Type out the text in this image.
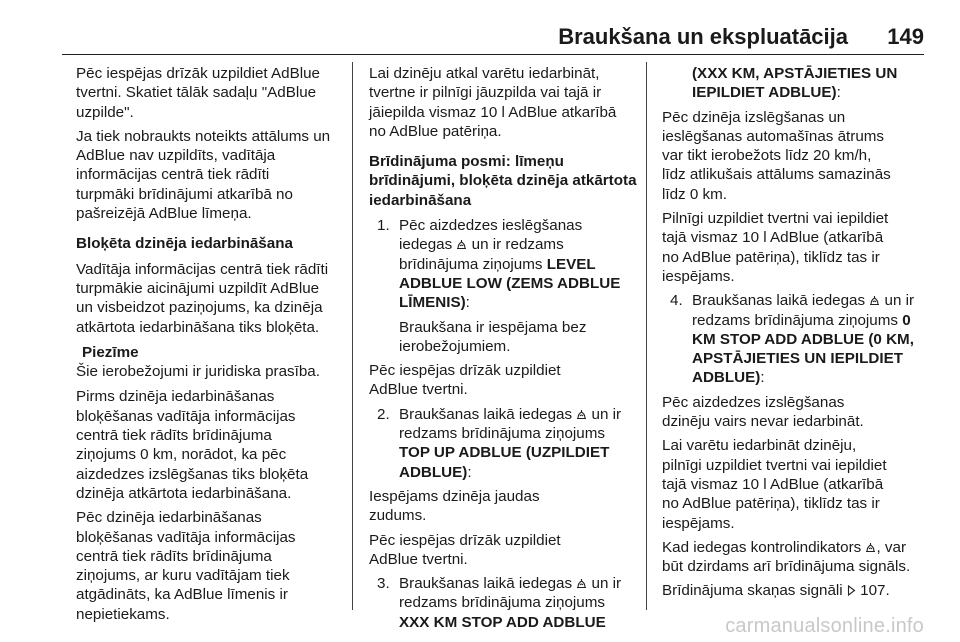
Braukšana un ekspluatācija 149

Pēc iespējas drīzāk uzpildiet AdBlue
tvertni. Skatiet tālāk sadaļu "AdBlue
uzpilde".

Ja tiek nobraukts noteikts attālums un
AdBlue nav uzpildīts, vadītāja
informācijas centrā tiek rādīti
turpmāki brīdinājumi atkarībā no
pašreizējā AdBlue līmeņa.

Bloķēta dzinēja iedarbināšana

Vadītāja informācijas centrā tiek rādīti
turpmākie aicinājumi uzpildīt AdBlue
un visbeidzot paziņojums, ka dzinēja
atkārtota iedarbināšana tiks bloķēta.

Piezīme
Šie ierobežojumi ir juridiska prasība.

Pirms dzinēja iedarbināšanas
bloķēšanas vadītāja informācijas
centrā tiek rādīts brīdinājuma
ziņojums 0 km, norādot, ka pēc
aizdedzes izslēgšanas tiks bloķēta
dzinēja atkārtota iedarbināšana.

Pēc dzinēja iedarbināšanas
bloķēšanas vadītāja informācijas
centrā tiek rādīts brīdinājuma
ziņojums, ar kuru vadītājam tiek
atgādināts, ka AdBlue līmenis ir
nepietiekams.

Lai dzinēju atkal varētu iedarbināt,
tvertne ir pilnīgi jāuzpilda vai tajā ir
jāiepilda vismaz 10 l AdBlue atkarībā
no AdBlue patēriņa.

Brīdinājuma posmi: līmeņu
brīdinājumi, bloķēta dzinēja atkārtota
iedarbināšana
1. Pēc aizdedzes ieslēgšanas
iedegas un ir redzams
brīdinājuma ziņojums LEVEL
ADBLUE LOW (ZEMS ADBLUE
LĪMENIS):

Braukšana ir iespējama bez
ierobežojumiem.

Pēc iespējas drīzāk uzpildiet
AdBlue tvertni.

2. Braukšanas laikā iedegas un ir
redzams brīdinājuma ziņojums
TOP UP ADBLUE (UZPILDIET
ADBLUE):

Iespējams dzinēja jaudas
zudums.

Pēc iespējas drīzāk uzpildiet
AdBlue tvertni.

3. Braukšanas laikā iedegas un ir
redzams brīdinājuma ziņojums
XXX KM STOP ADD ADBLUE

(XXX KM, APSTĀJIETIES UN
IEPILDIET ADBLUE):

Pēc dzinēja izslēgšanas un
ieslēgšanas automašīnas ātrums
var tikt ierobežots līdz 20 km/h,
līdz atlikušais attālums samazinās
līdz 0 km.

Pilnīgi uzpildiet tvertni vai iepildiet
tajā vismaz 10 l AdBlue (atkarībā
no AdBlue patēriņa), tiklīdz tas ir
iespējams.

4. Braukšanas laikā iedegas un ir
redzams brīdinājuma ziņojums 0
KM STOP ADD ADBLUE (0 KM,
APSTĀJIETIES UN IEPILDIET
ADBLUE):

Pēc aizdedzes izslēgšanas
dzinēju vairs nevar iedarbināt.

Lai varētu iedarbināt dzinēju,
pilnīgi uzpildiet tvertni vai iepildiet
tajā vismaz 10 l AdBlue (atkarībā
no AdBlue patēriņa), tiklīdz tas ir
iespējams.

Kad iedegas kontrolindikators , var
būt dzirdams arī brīdinājuma signāls.

Brīdinājuma skaņas signāli 107.

carmanualsonline.info
